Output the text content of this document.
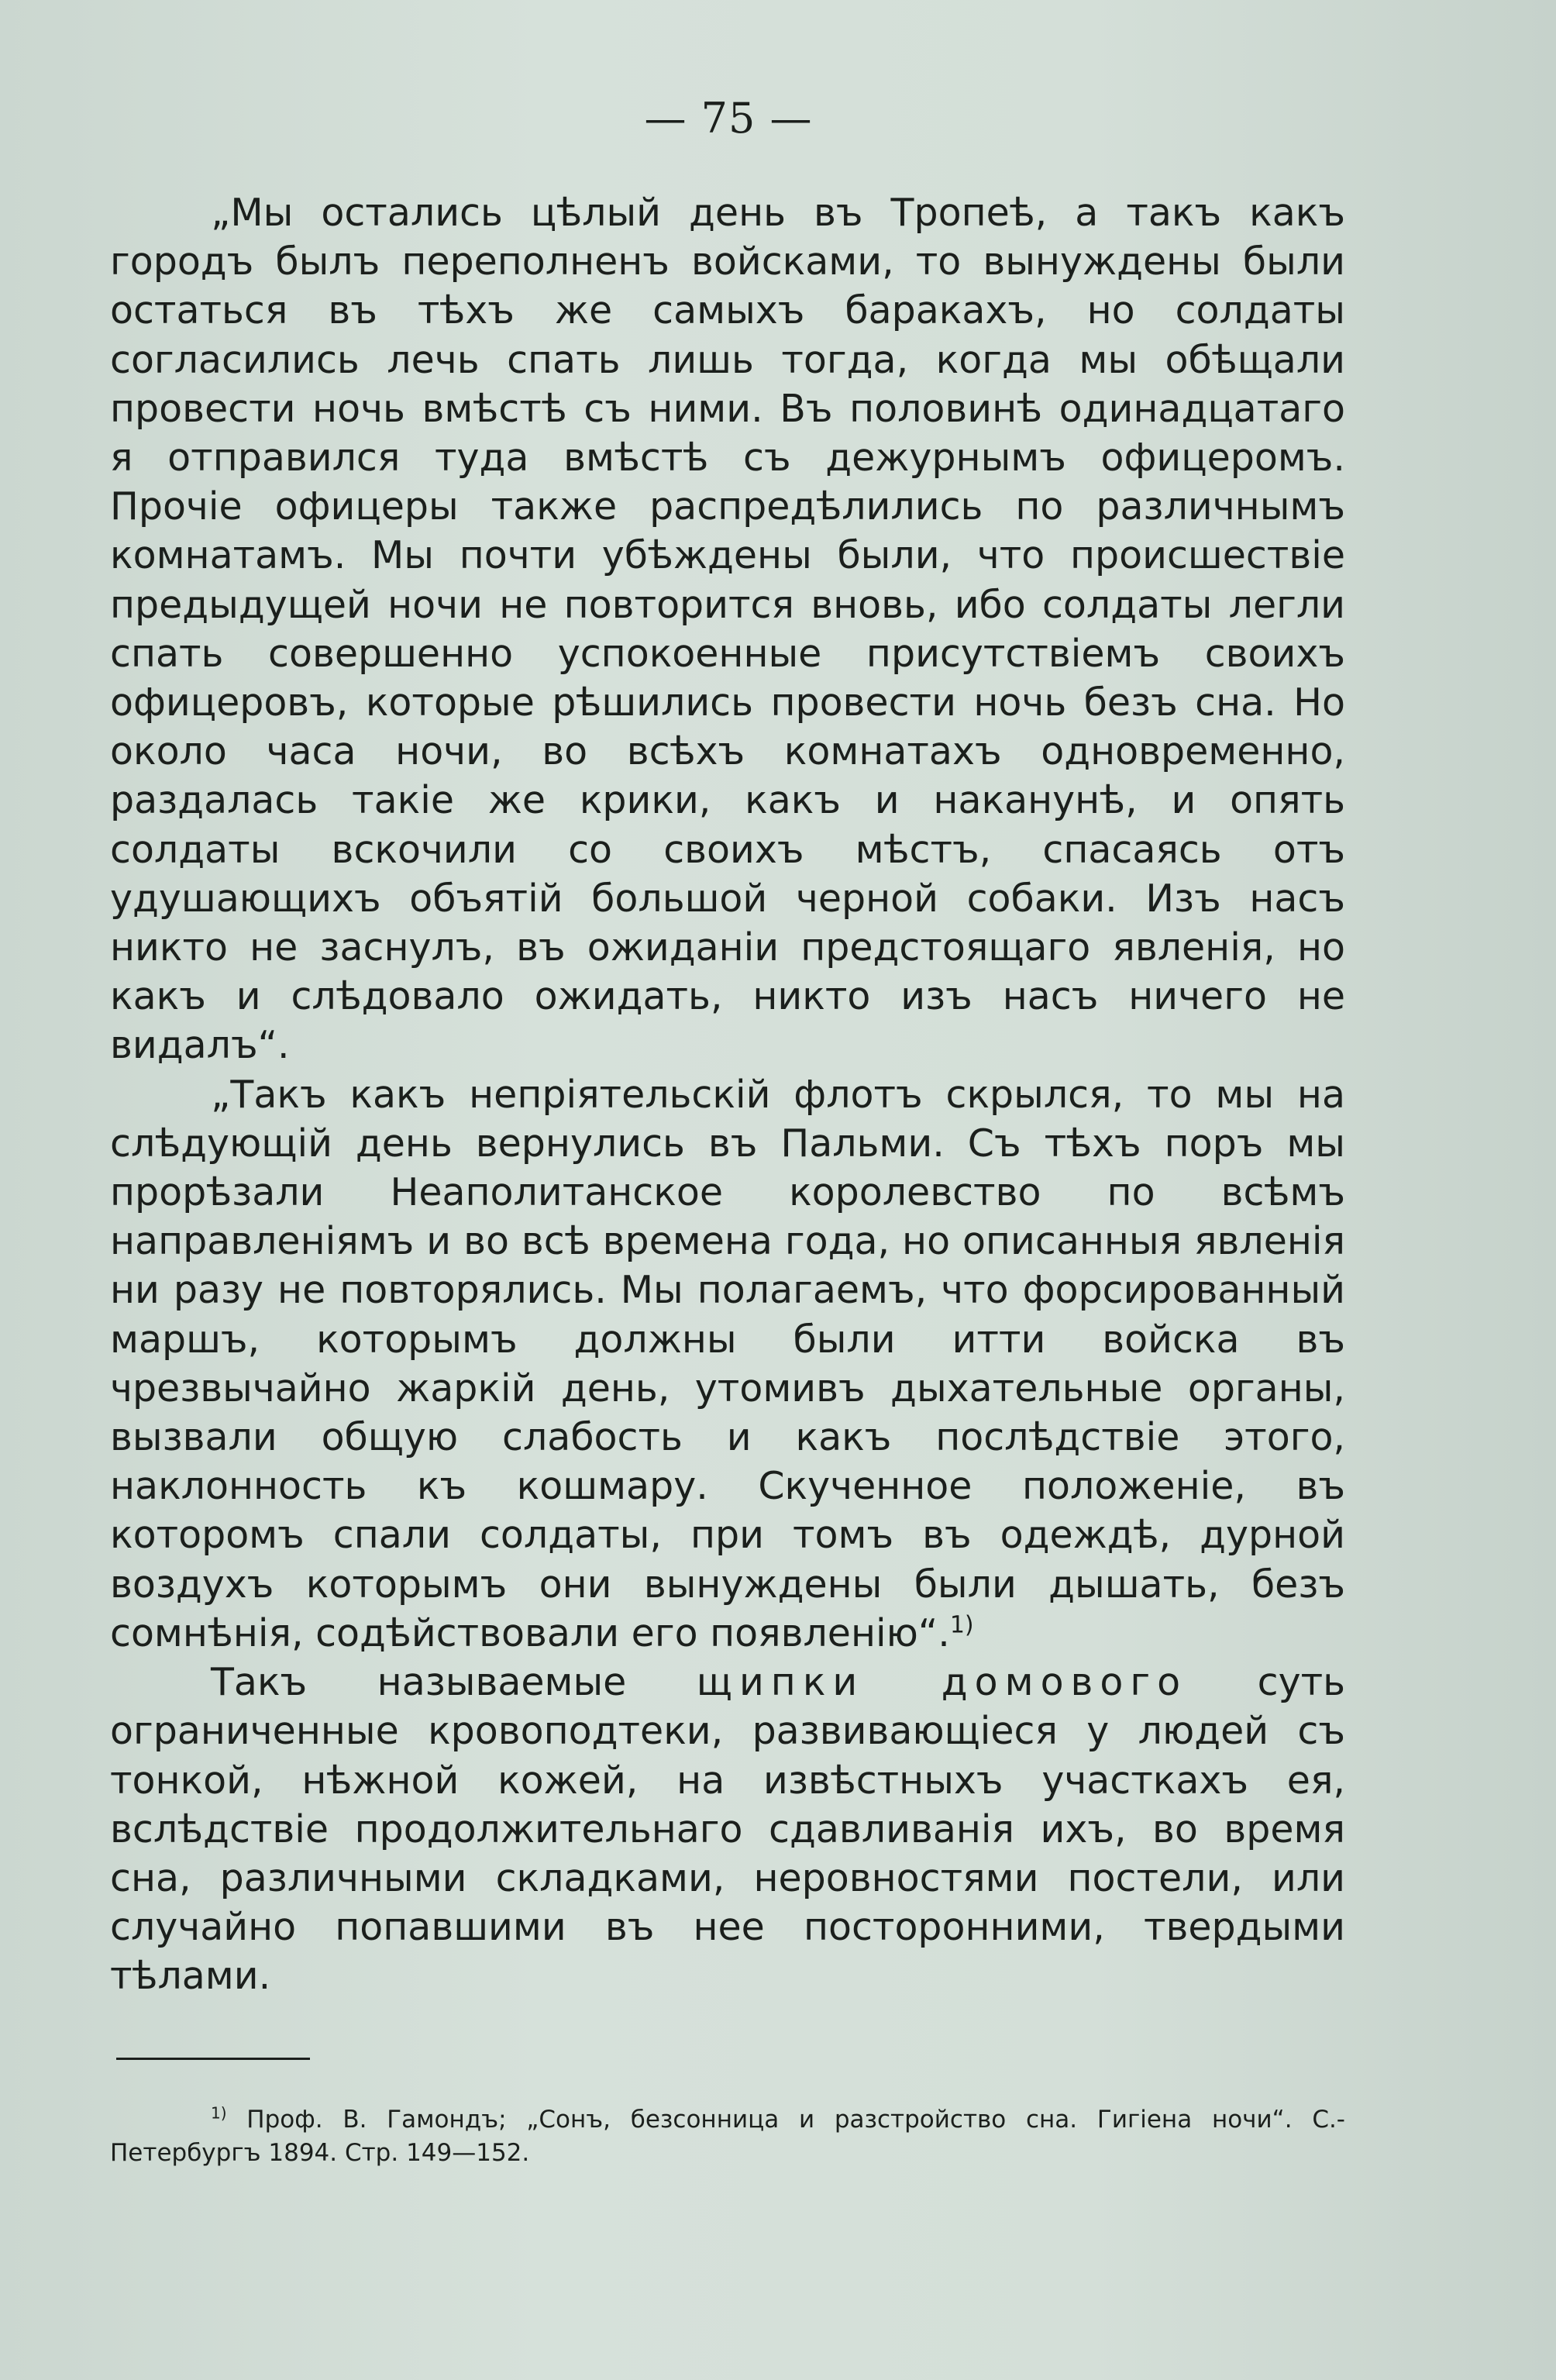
— 75 —

„Мы остались цѣлый день въ Тропеѣ, а такъ какъ городъ былъ переполненъ войсками, то вынуждены были остаться въ тѣхъ же самыхъ баракахъ, но солдаты согласились лечь спать лишь тогда, когда мы обѣщали провести ночь вмѣстѣ съ ними. Въ половинѣ одинадцатаго я отправился туда вмѣстѣ съ дежурнымъ офицеромъ. Прочіе офицеры также распредѣлились по различнымъ комнатамъ. Мы почти убѣждены были, что происшествіе предыдущей ночи не повторится вновь, ибо солдаты легли спать совершенно успокоенные присутствіемъ своихъ офицеровъ, которые рѣшились провести ночь безъ сна. Но около часа ночи, во всѣхъ комнатахъ одновременно, раздалась такіе же крики, какъ и наканунѣ, и опять солдаты вскочили со своихъ мѣстъ, спасаясь отъ удушающихъ объятій большой черной собаки. Изъ насъ никто не заснулъ, въ ожиданіи предстоящаго явленія, но какъ и слѣдовало ожидать, никто изъ насъ ничего не видалъ“.

„Такъ какъ непріятельскій флотъ скрылся, то мы на слѣдующій день вернулись въ Пальми. Съ тѣхъ поръ мы прорѣзали Неаполитанское королевство по всѣмъ направленіямъ и во всѣ времена года, но описанныя явленія ни разу не повторялись. Мы полагаемъ, что форсированный маршъ, которымъ должны были итти войска въ чрезвычайно жаркій день, утомивъ дыхательные органы, вызвали общую слабость и какъ послѣдствіе этого, наклонность къ кошмару. Скученное положеніе, въ которомъ спали солдаты, при томъ въ одеждѣ, дурной воздухъ которымъ они вынуждены были дышать, безъ сомнѣнія, содѣйствовали его появленію“.$^{1)}$

Такъ называемые щипки домового суть ограниченные кровоподтеки, развивающіеся у людей съ тонкой, нѣжной кожей, на извѣстныхъ участкахъ ея, вслѣдствіе продолжительнаго сдавливанія ихъ, во время сна, различными складками, неровностями постели, или случайно попавшими въ нее посторонними, твердыми тѣлами.

$^{1)}$ Проф. В. Гамондъ; „Сонъ, безсонница и разстройство сна. Гигіена ночи“. С.-Петербургъ 1894. Стр. 149—152.
